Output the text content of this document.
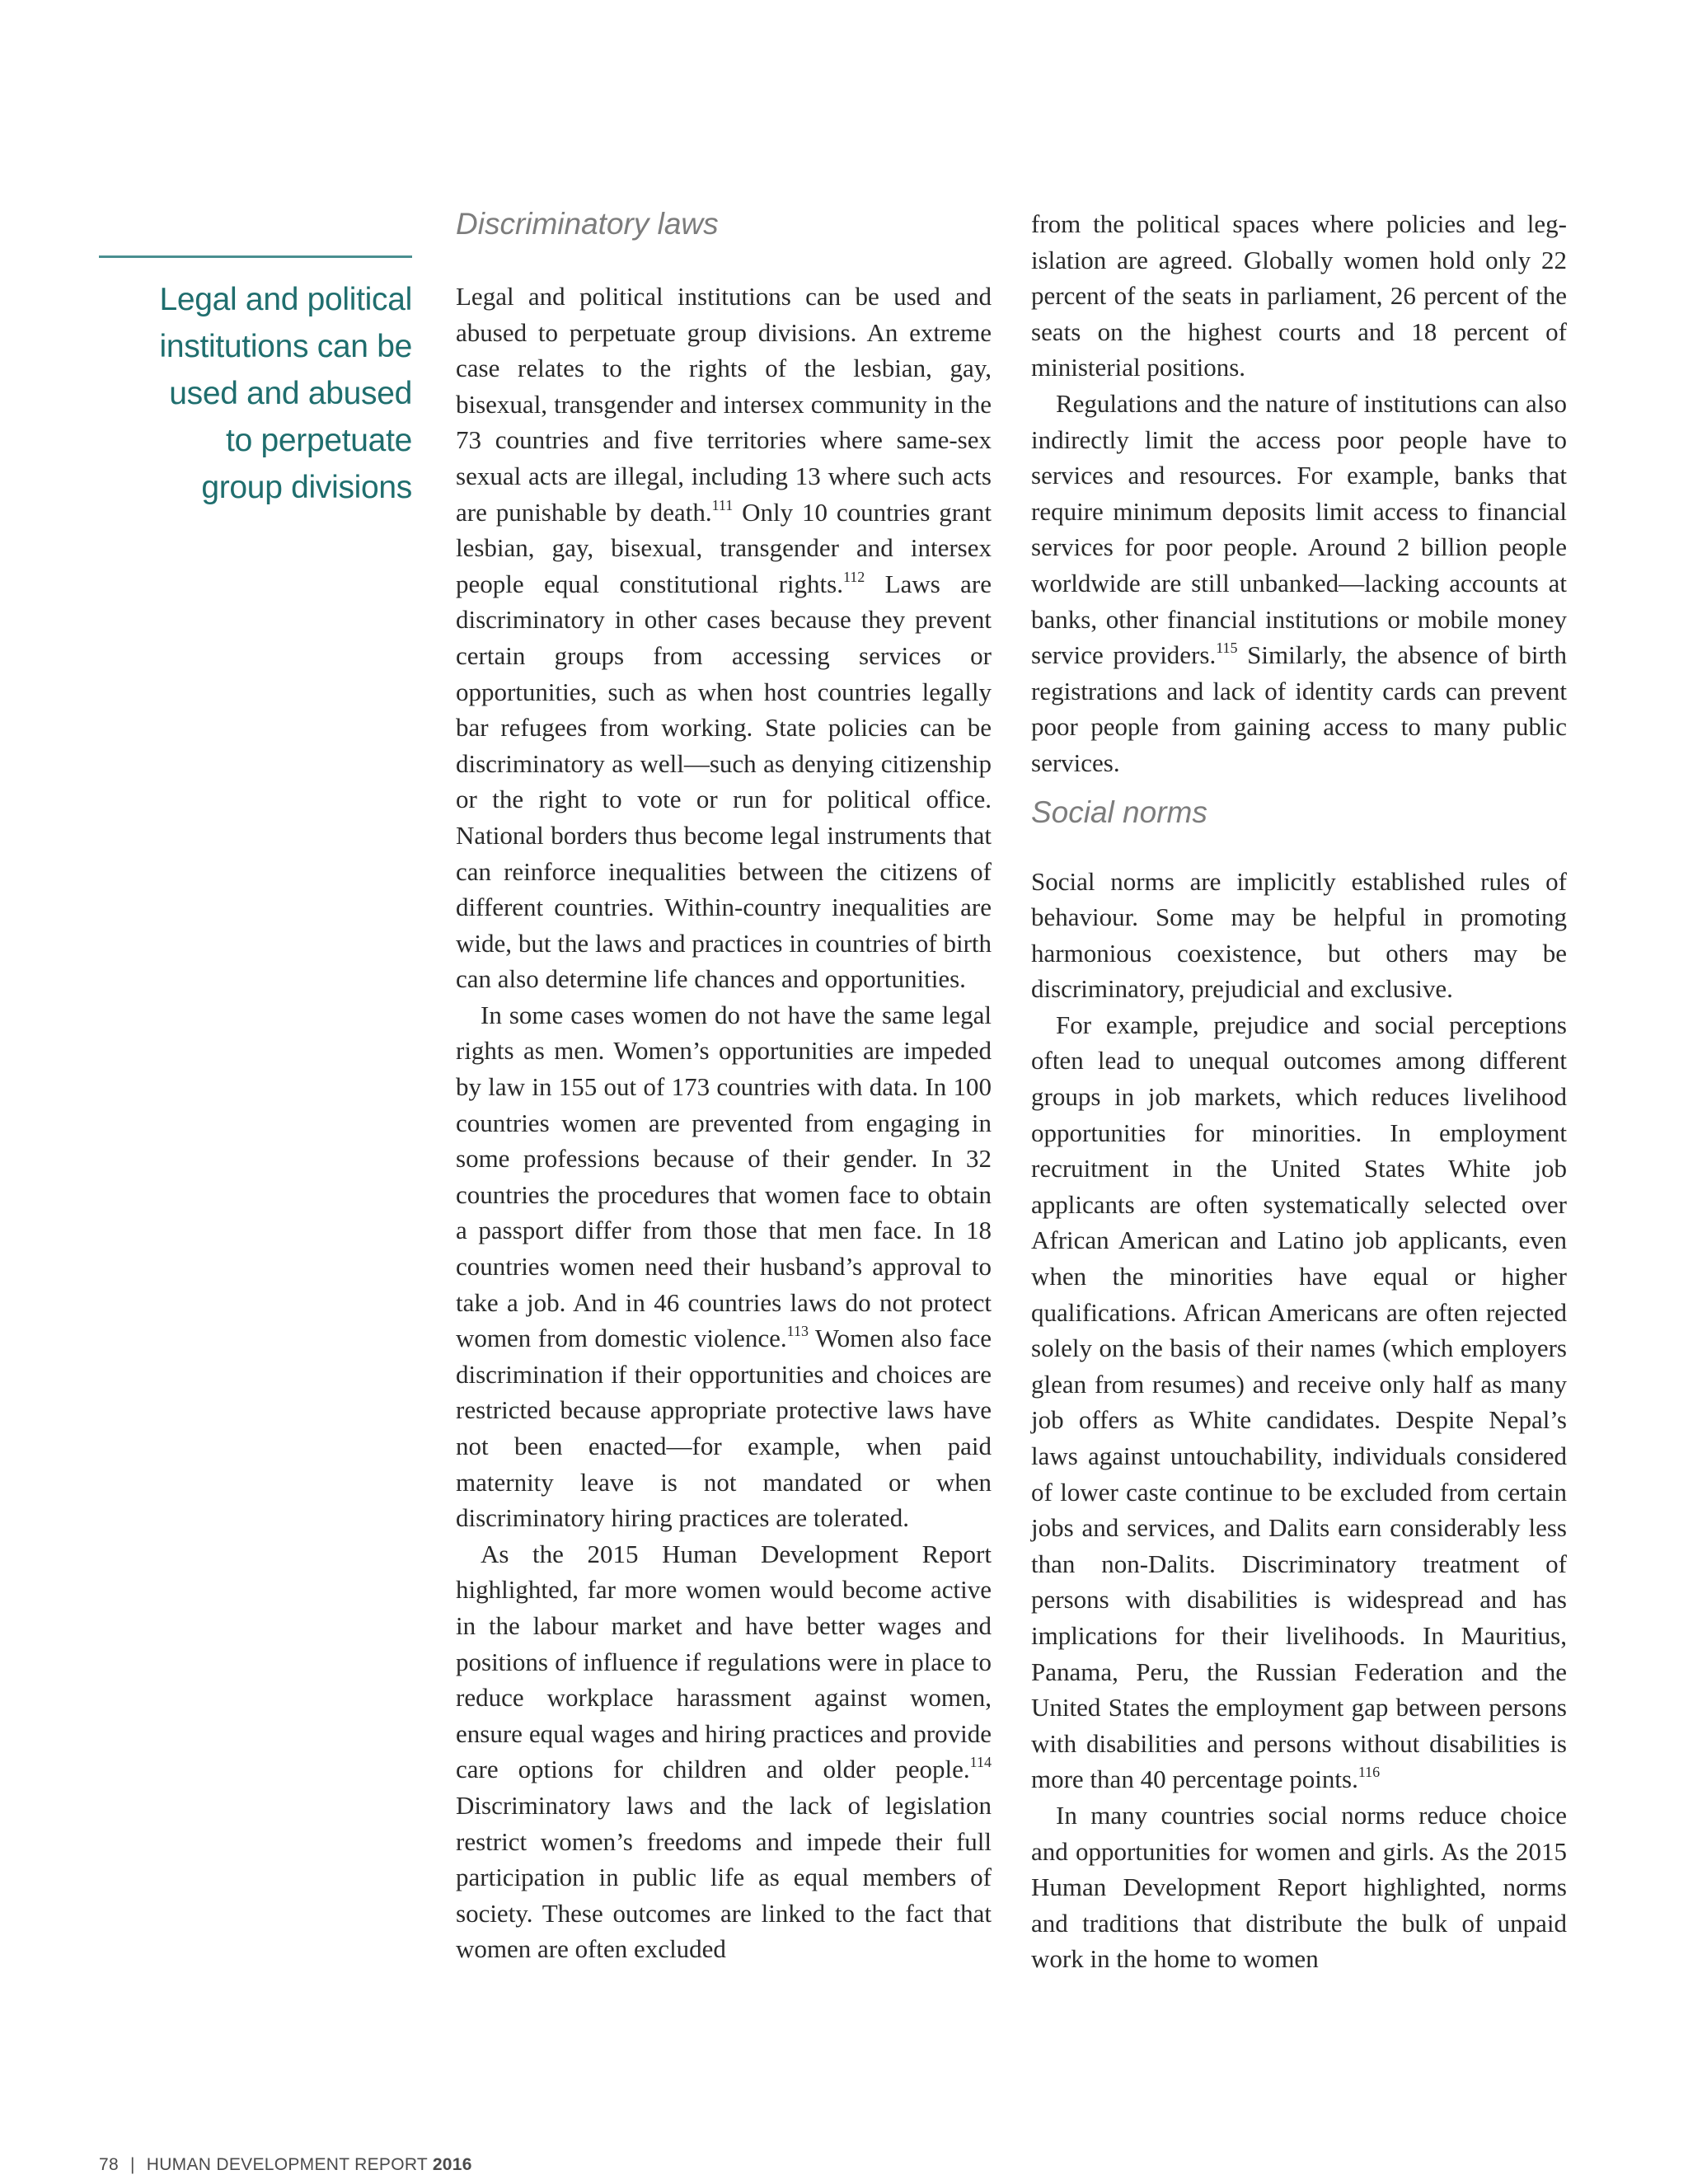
Legal and political
institutions can be
used and abused
to perpetuate
group divisions
Discriminatory laws

Legal and political institutions can be used and abused to perpetuate group divisions. An extreme case relates to the rights of the lesbian, gay, bisexual, transgender and intersex community in the 73 countries and five territories where same-sex sexual acts are illegal, including 13 where such acts are punishable by death.$^{111}$ Only 10 countries grant lesbian, gay, bisexual, transgender and intersex people equal constitutional rights.$^{112}$ Laws are discriminatory in other cases because they prevent certain groups from accessing services or opportunities, such as when host countries legally bar refugees from working. State policies can be discriminatory as well—such as denying citizenship or the right to vote or run for political office. National borders thus become legal instruments that can reinforce inequalities between the citizens of different countries. Within-country inequalities are wide, but the laws and practices in countries of birth can also determine life chances and opportunities.

In some cases women do not have the same legal rights as men. Women’s opportunities are impeded by law in 155 out of 173 countries with data. In 100 countries women are prevented from engaging in some professions because of their gender. In 32 countries the procedures that women face to obtain a passport differ from those that men face. In 18 countries women need their husband’s approval to take a job. And in 46 countries laws do not protect women from domestic violence.$^{113}$ Women also face discrimination if their opportunities and choices are restricted because appropriate protective laws have not been enacted—for example, when paid maternity leave is not mandated or when discriminatory hiring practices are tolerated.

As the 2015 Human Development Report highlighted, far more women would become active in the labour market and have better wages and positions of influence if regulations were in place to reduce workplace harassment against women, ensure equal wages and hiring practices and provide care options for children and older people.$^{114}$ Discriminatory laws and the lack of legislation restrict women’s freedoms and impede their full participation in public life as equal members of society. These outcomes are linked to the fact that women are often excluded

from the political spaces where policies and legislation are agreed. Globally women hold only 22 percent of the seats in parliament, 26 percent of the seats on the highest courts and 18 percent of ministerial positions.

Regulations and the nature of institutions can also indirectly limit the access poor people have to services and resources. For example, banks that require minimum deposits limit access to financial services for poor people. Around 2 billion people worldwide are still unbanked—lacking accounts at banks, other financial institutions or mobile money service providers.$^{115}$ Similarly, the absence of birth registrations and lack of identity cards can prevent poor people from gaining access to many public services.

Social norms

Social norms are implicitly established rules of behaviour. Some may be helpful in promoting harmonious coexistence, but others may be discriminatory, prejudicial and exclusive.

For example, prejudice and social perceptions often lead to unequal outcomes among different groups in job markets, which reduces livelihood opportunities for minorities. In employment recruitment in the United States White job applicants are often systematically selected over African American and Latino job applicants, even when the minorities have equal or higher qualifications. African Americans are often rejected solely on the basis of their names (which employers glean from resumes) and receive only half as many job offers as White candidates. Despite Nepal’s laws against untouchability, individuals considered of lower caste continue to be excluded from certain jobs and services, and Dalits earn considerably less than non-Dalits. Discriminatory treatment of persons with disabilities is widespread and has implications for their livelihoods. In Mauritius, Panama, Peru, the Russian Federation and the United States the employment gap between persons with disabilities and persons without disabilities is more than 40 percentage points.$^{116}$

In many countries social norms reduce choice and opportunities for women and girls. As the 2015 Human Development Report highlighted, norms and traditions that distribute the bulk of unpaid work in the home to women

78 | HUMAN DEVELOPMENT REPORT 2016
